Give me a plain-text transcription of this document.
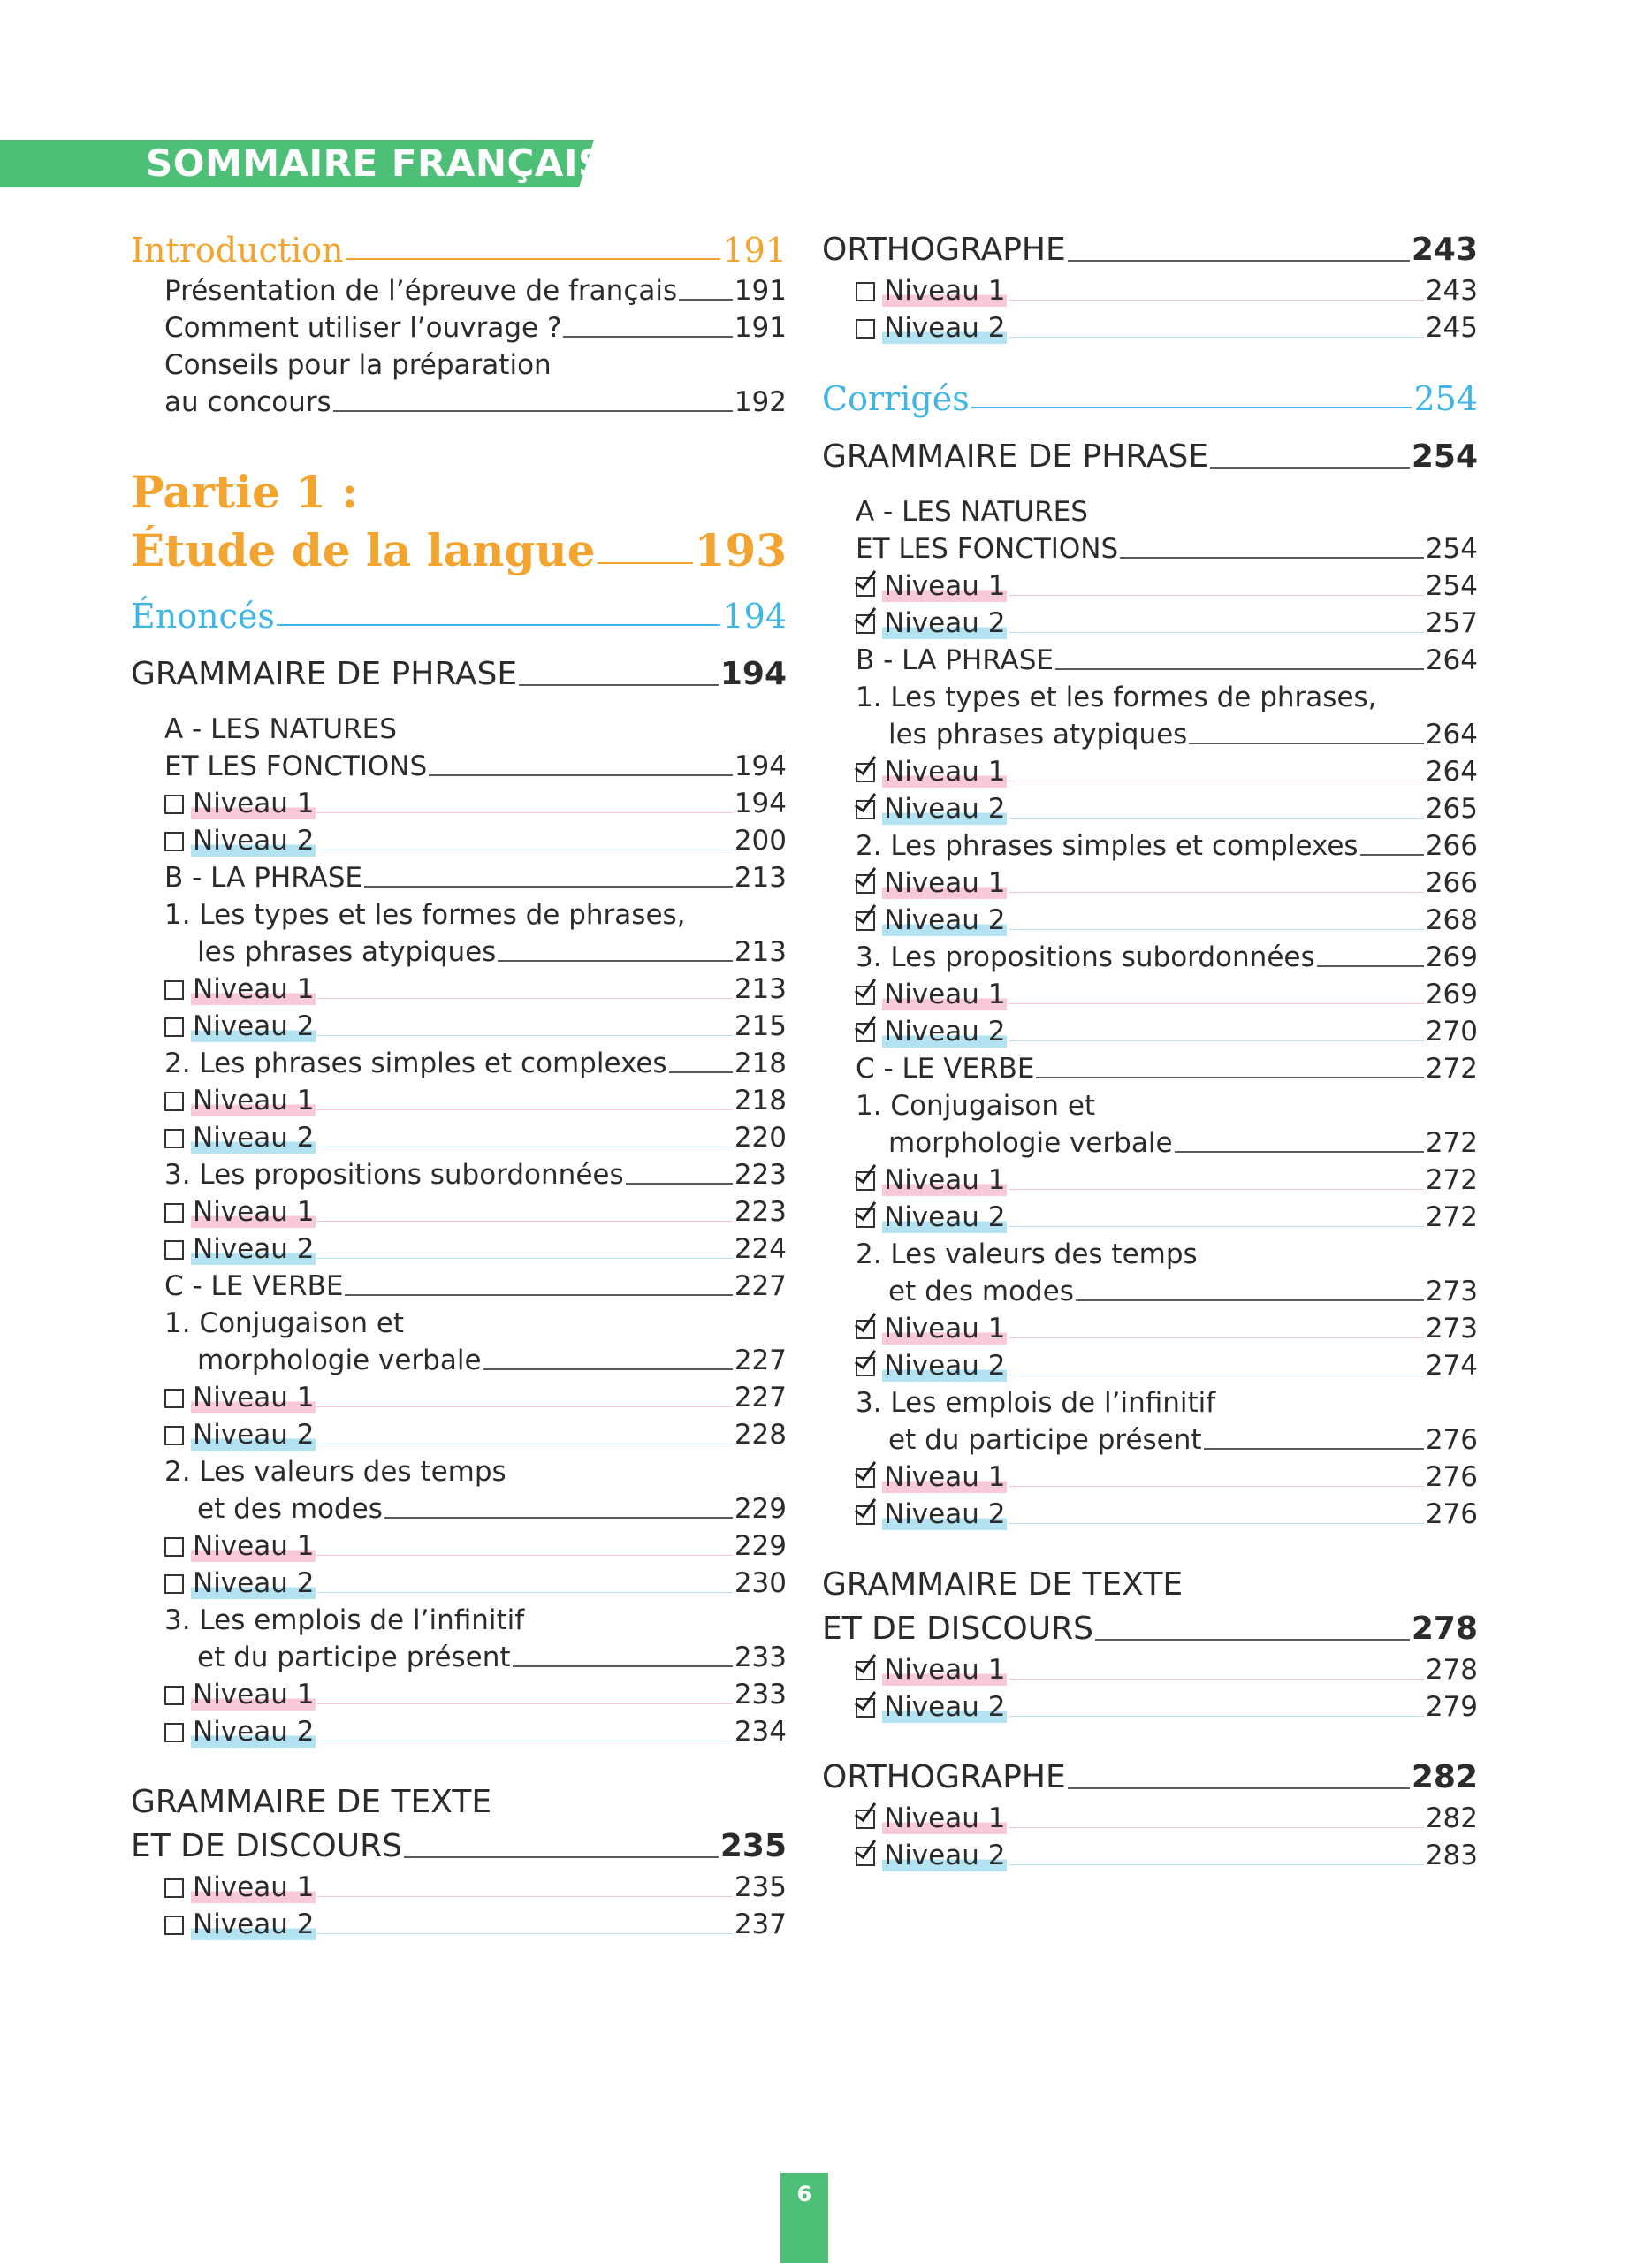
SOMMAIRE FRANÇAIS
Introduction	191
Présentation de l’épreuve de français 191
Comment utiliser l’ouvrage ?	191
Conseils pour la préparation
au concours	192
Partie 1 :
Étude de la langue 193
Énoncés	194
GRAMMAIRE DE PHRASE	194
A - LES NATURES
ET LES FONCTIONS	194
Niveau 1	194
Niveau 2	200
B - LA PHRASE	213
1. Les types et les formes de phrases,
les phrases atypiques	213
Niveau 1	213
Niveau 2	215
2. Les phrases simples et complexes 218
Niveau 1	218
Niveau 2	220
3. Les propositions subordonnées	223
Niveau 1	223
Niveau 2	224
C - LE VERBE	227
1. Conjugaison et
morphologie verbale	227
Niveau 1	227
Niveau 2	228
2. Les valeurs des temps
et des modes	229
Niveau 1	229
Niveau 2	230
3. Les emplois de l’infinitif
et du participe présent	233
Niveau 1	233
Niveau 2	234
GRAMMAIRE DE TEXTE
ET DE DISCOURS	235
Niveau 1	235
Niveau 2	237
ORTHOGRAPHE	243
Niveau 1	243
Niveau 2	245
Corrigés	254
GRAMMAIRE DE PHRASE	254
A - LES NATURES
ET LES FONCTIONS	254
Niveau 1	254
Niveau 2	257
B - LA PHRASE	264
1. Les types et les formes de phrases,
les phrases atypiques	264
Niveau 1	264
Niveau 2	265
2. Les phrases simples et complexes 266
Niveau 1	266
Niveau 2	268
3. Les propositions subordonnées	269
Niveau 1	269
Niveau 2	270
C - LE VERBE	272
1. Conjugaison et
morphologie verbale	272
Niveau 1	272
Niveau 2	272
2. Les valeurs des temps
et des modes	273
Niveau 1	273
Niveau 2	274
3. Les emplois de l’infinitif
et du participe présent	276
Niveau 1	276
Niveau 2	276
GRAMMAIRE DE TEXTE
ET DE DISCOURS	278
Niveau 1	278
Niveau 2	279
ORTHOGRAPHE	282
Niveau 1	282
Niveau 2	283

6
